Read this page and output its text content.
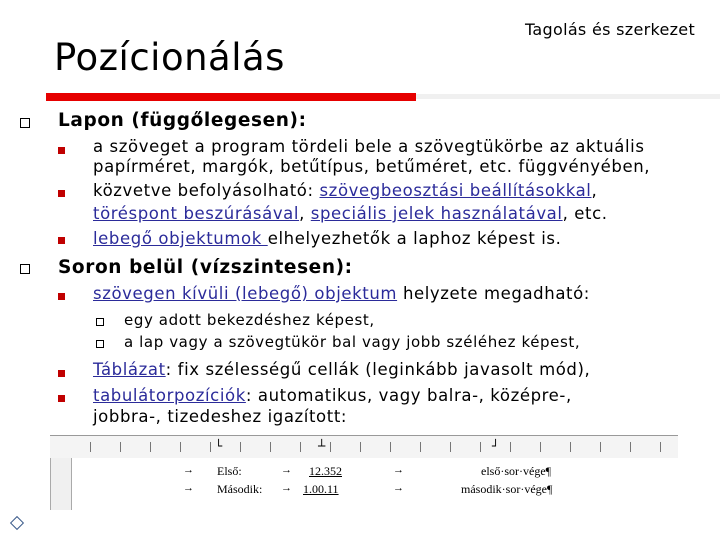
Tagolás és szerkezet
Pozícionálás
Lapon (függőlegesen):
a szöveget a program tördeli bele a szövegtükörbe az aktuális
papírméret, margók, betűtípus, betűméret, etc. függvényében,
közvetve befolyásolható: szövegbeosztási beállításokkal,
töréspont beszúrásával, speciális jelek használatával, etc.
lebegő objektumok elhelyezhetők a laphoz képest is.
Soron belül (vízszintesen):
szövegen kívüli (lebegő) objektum helyzete megadható:
egy adott bekezdéshez képest,
a lap vagy a szövegtükör bal vagy jobb széléhez képest,
Táblázat: fix szélességű cellák (leginkább javasolt mód),
tabulátorpozíciók: automatikus, vagy balra-, középre-,
jobbra-, tizedeshez igazított:
└	┴	┘
→ Első:	→ 12.352	→	első·sor·vége¶
→ Második: → 1.00.11	→	második·sor·vége¶
